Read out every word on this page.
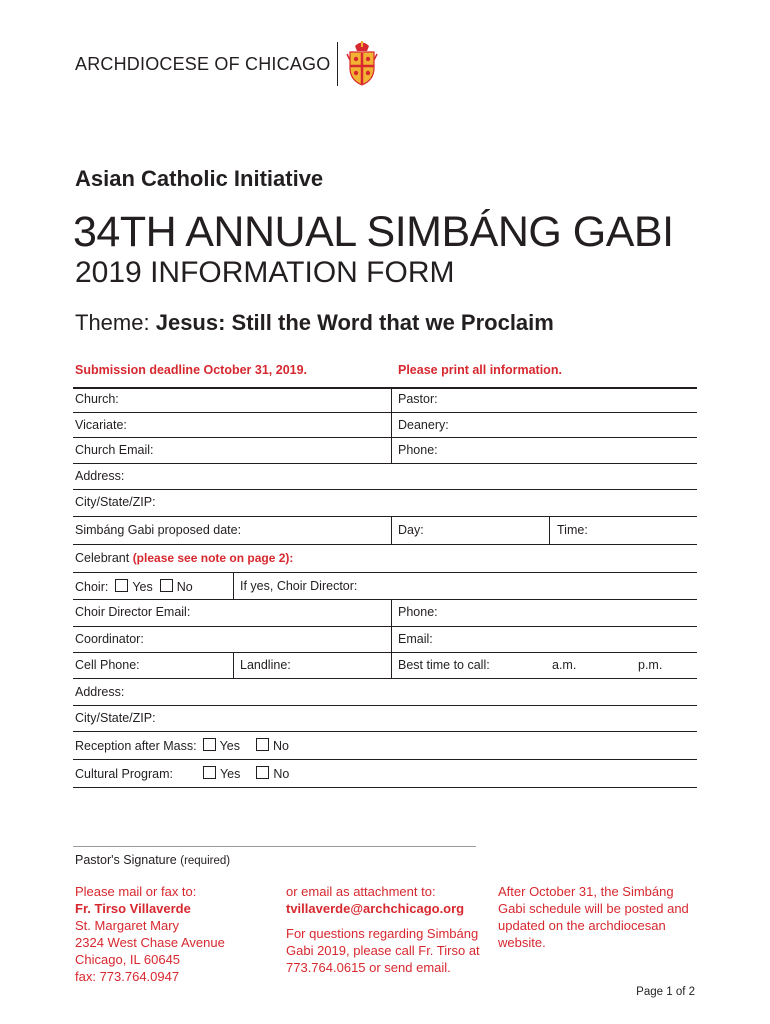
ARCHDIOCESE OF CHICAGO
Asian Catholic Initiative
34TH ANNUAL SIMBÁNG GABI
2019 INFORMATION FORM
Theme: Jesus: Still the Word that we Proclaim
Submission deadline October 31, 2019.	Please print all information.
Church:	Pastor:
Vicariate:	Deanery:
Church Email:	Phone:
Address:
City/State/ZIP:
Simbáng Gabi proposed date:	Day:	Time:
Celebrant (please see note on page 2):
Choir: Yes No	If yes, Choir Director:
Choir Director Email:	Phone:
Coordinator:	Email:
Cell Phone:	Landline:	Best time to call:	a.m.	p.m.
Address:
City/State/ZIP:
Reception after Mass: Yes	No
Cultural Program:	Yes	No
Pastor's Signature (required)
Please mail or fax to:
Fr. Tirso Villaverde
St. Margaret Mary
2324 West Chase Avenue
Chicago, IL 60645
fax: 773.764.0947
or email as attachment to:
tvillaverde@archchicago.org
For questions regarding Simbáng
Gabi 2019, please call Fr. Tirso at
773.764.0615 or send email.
After October 31, the Simbáng
Gabi schedule will be posted and
updated on the archdiocesan
website.
Page 1 of 2
